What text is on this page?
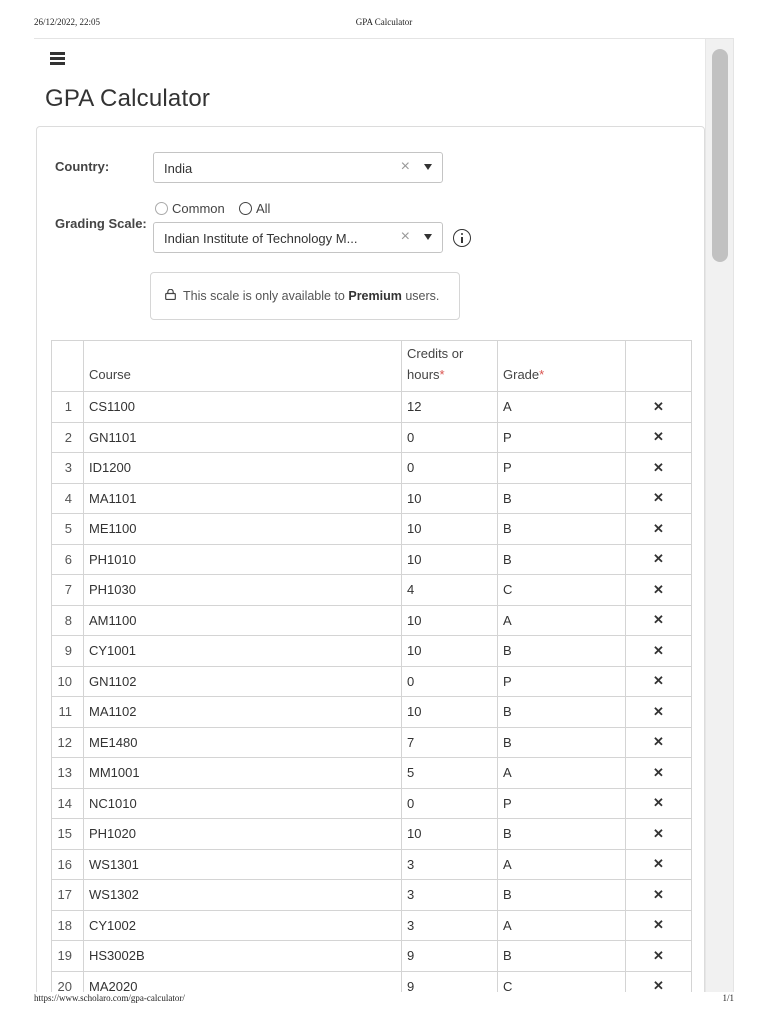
26/12/2022, 22:05	GPA Calculator
GPA Calculator
Country:	India	×
Grading Scale:
Common All
Indian Institute of Technology M...	×
This scale is only available to Premium users.
	Course	Credits or
hours*	Grade*	
1	CS1100	12	A	✕
2	GN1101	0	P	✕
3	ID1200	0	P	✕
4	MA1101	10	B	✕
5	ME1100	10	B	✕
6	PH1010	10	B	✕
7	PH1030	4	C	✕
8	AM1100	10	A	✕
9	CY1001	10	B	✕
10	GN1102	0	P	✕
11	MA1102	10	B	✕
12	ME1480	7	B	✕
13	MM1001	5	A	✕
14	NC1010	0	P	✕
15	PH1020	10	B	✕
16	WS1301	3	A	✕
17	WS1302	3	B	✕
18	CY1002	3	A	✕
19	HS3002B	9	B	✕
20	MA2020	9	C	✕
https://www.scholaro.com/gpa-calculator/	1/1
